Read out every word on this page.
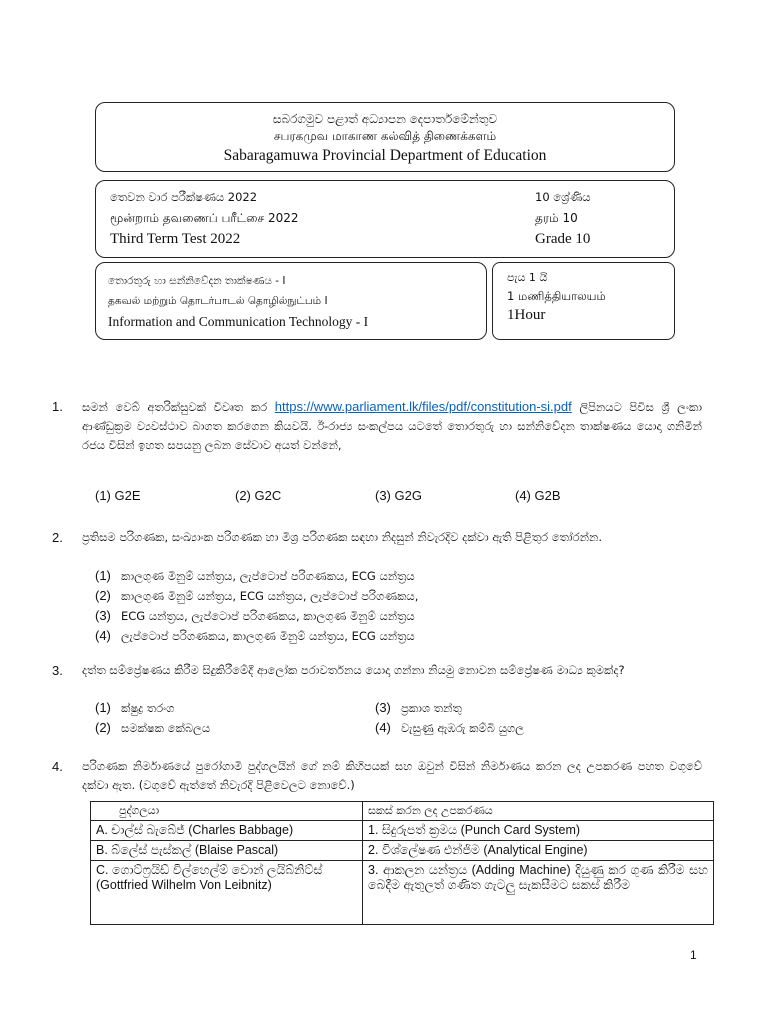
සබරගමුව පළාත් අධ්‍යාපන දෙපාර්තමේන්තුව
சபரகமுவ மாகாண கல்வித் திணைக்களம்
Sabaragamuwa Provincial Department of Education
තෙවන වාර පරීක්ෂණය 2022	10 ශ්‍රේණිය
மூன்றாம் தவணைப் பரீட்சை 2022	தரம் 10
Third Term Test 2022	Grade 10
තොරතුරු හා සන්නිවේදන තාක්ෂණය - I
தகவல் மற்றும் தொடர்பாடல் தொழில்நுட்பம் I
Information and Communication Technology - I
පැය 1 යි
1 மணித்தியாலயம்
1Hour
1. සමන් වෙබ් අතරික්සුවක් විවෘත කර https://www.parliament.lk/files/pdf/constitution-si.pdf ලිපිනයට පිවිස ශ්‍රී ලංකා ආණ්ඩුක්‍රම ව්‍යවස්ථාව බාගත කරගෙන කියවයි. ඊ-රාජ්‍ය සංකල්පය යටතේ තොරතුරු හා සන්නිවේදන තාක්ෂණය යොදා ගනිමින් රජය විසින් ඉහත සපයනු ලබන සේවාව අයත් වන්නේ,
(1) G2E	(2) G2C	(3) G2G	(4) G2B
2. ප්‍රතිසම පරිගණක, සංඛ්‍යාංක පරිගණක හා මිශ්‍ර පරිගණක සඳහා නිදසුන් නිවැරදිව දක්වා ඇති පිළිතුර තෝරන්න.
(1) කාලගුණ මිනුම් යන්ත්‍රය, ලැප්ටොප් පරිගණකය, ECG යන්ත්‍රය
(2) කාලගුණ මිනුම් යන්ත්‍රය, ECG යන්ත්‍රය, ලැප්ටොප් පරිගණකය,
(3) ECG යන්ත්‍රය, ලැප්ටොප් පරිගණකය, කාලගුණ මිනුම් යන්ත්‍රය
(4) ලැප්ටොප් පරිගණකය, කාලගුණ මිනුම් යන්ත්‍රය, ECG යන්ත්‍රය
3. දත්ත සම්ප්‍රේෂණය කිරීම සිදුකිරීමේදී ආලෝක පරාවර්තනය යොදා ගන්නා නියමු නොවන සම්ප්‍රේෂණ මාධ්‍ය කුමක්ද?
(1) ක්ෂුද්‍ර තරංග	(3) ප්‍රකාශ තන්තු
(2) සමක්ෂක කේබලය	(4) වැසුණු ඇඹරු කම්බි යුගල
4. පරිගණක නිර්මාණයේ පුරෝගාමී පුද්ගලයින් ගේ නම් කිහිපයක් සහ ඔවුන් විසින් නිර්මාණය කරන ලද උපකරණ පහත වගුවේ දක්වා ඇත. (වගුවේ ඇත්තේ නිවැරදි පිළිවෙලට නොවේ.)
පුද්ගලයා	සකස් කරන ලද උපකරණය
A. චාල්ස් බැබේජ් (Charles Babbage)	1. සිදුරුපත් ක්‍රමය (Punch Card System)
B. බ්ලේස් පැස්කල් (Blaise Pascal)	2. විශ්ලේෂණ එන්ජිම (Analytical Engine)
C. ගොට්ෆ්‍රයිඩ් විල්හෙල්ම් වොන් ලයිබ්නිට්ස් (Gottfried Wilhelm Von Leibnitz)	3. ආකලන යන්ත්‍රය (Adding Machine) දියුණු කර ගුණ කිරීම සහ බෙදීම ඇතුලත් ගණිත ගැටලු සැකසීමට සකස් කිරීම
1
